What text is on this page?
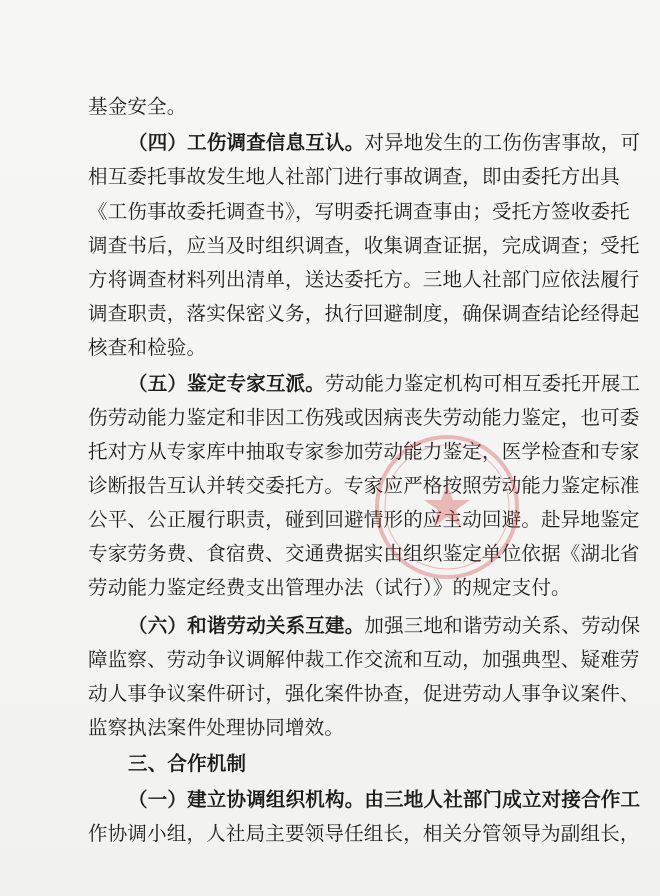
基金安全。
（四）工伤调查信息互认。对异地发生的工伤伤害事故，可
相互委托事故发生地人社部门进行事故调查，即由委托方出具
《工伤事故委托调查书》，写明委托调查事由；受托方签收委托
调查书后，应当及时组织调查，收集调查证据，完成调查；受托
方将调查材料列出清单，送达委托方。三地人社部门应依法履行
调查职责，落实保密义务，执行回避制度，确保调查结论经得起
核查和检验。
（五）鉴定专家互派。劳动能力鉴定机构可相互委托开展工
伤劳动能力鉴定和非因工伤残或因病丧失劳动能力鉴定，也可委
托对方从专家库中抽取专家参加劳动能力鉴定，医学检查和专家
诊断报告互认并转交委托方。专家应严格按照劳动能力鉴定标准
公平、公正履行职责，碰到回避情形的应主动回避。赴异地鉴定
专家劳务费、食宿费、交通费据实由组织鉴定单位依据《湖北省
劳动能力鉴定经费支出管理办法（试行）》的规定支付。
（六）和谐劳动关系互建。加强三地和谐劳动关系、劳动保
障监察、劳动争议调解仲裁工作交流和互动，加强典型、疑难劳
动人事争议案件研讨，强化案件协查，促进劳动人事争议案件、
监察执法案件处理协同增效。
三、合作机制
（一）建立协调组织机构。由三地人社部门成立对接合作工
作协调小组，人社局主要领导任组长，相关分管领导为副组长，
